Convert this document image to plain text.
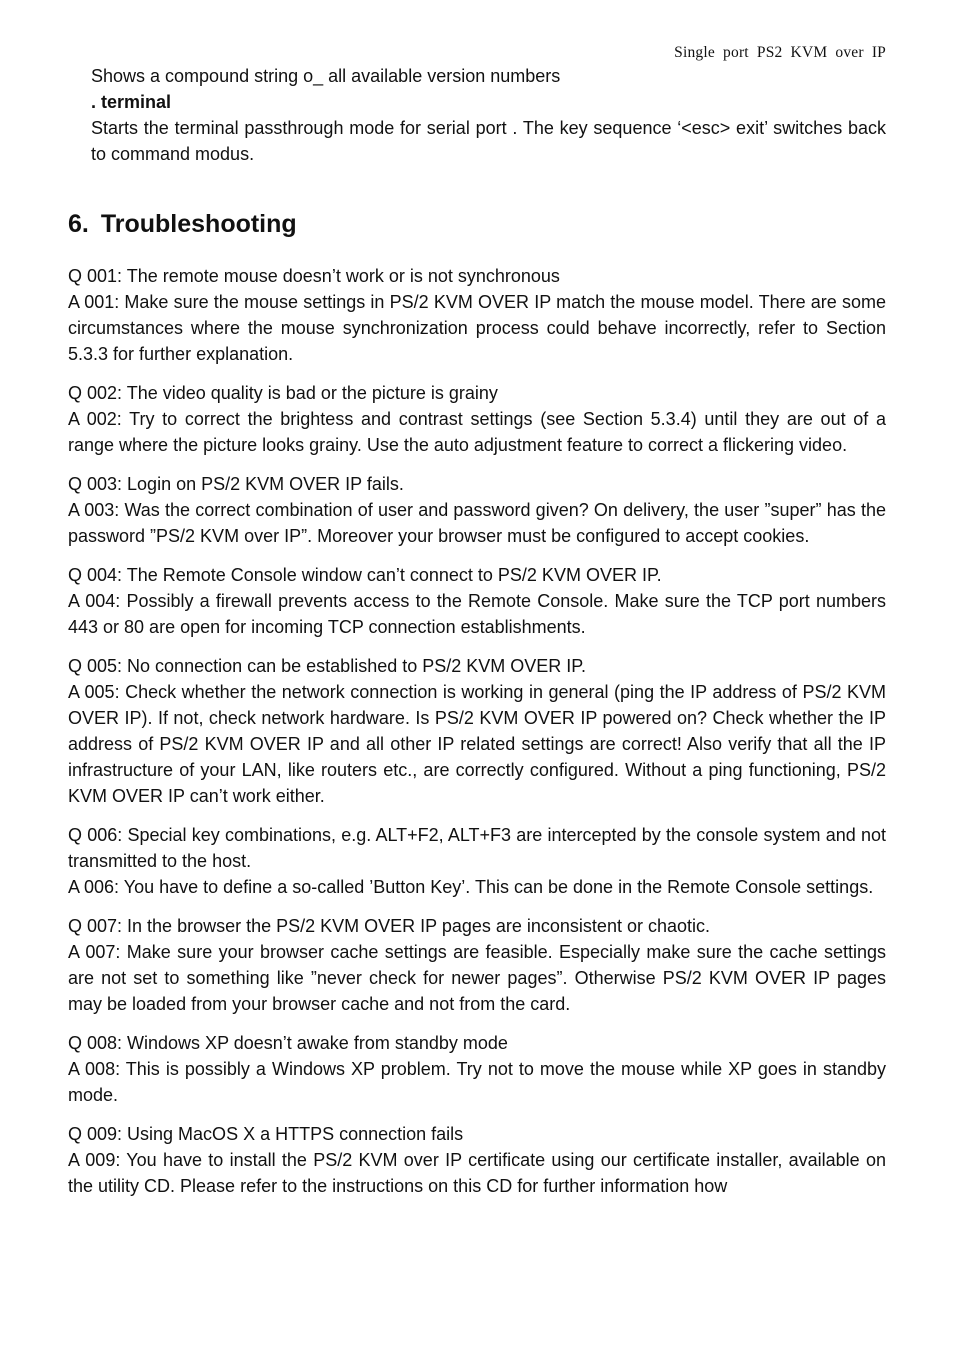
Single port PS2 KVM over IP

Shows a compound string o_ all available version numbers

. terminal

Starts the terminal passthrough mode for serial port . The key sequence ‘<esc> exit’ switches back to command modus.

6. Troubleshooting

Q 001: The remote mouse doesn’t work or is not synchronous

A 001: Make sure the mouse settings in PS/2 KVM OVER IP match the mouse model. There are some circumstances where the mouse synchronization process could behave incorrectly, refer to Section 5.3.3 for further explanation.

Q 002: The video quality is bad or the picture is grainy

A 002: Try to correct the brightess and contrast settings (see Section 5.3.4) until they are out of a range where the picture looks grainy. Use the auto adjustment feature to correct a flickering video.

Q 003: Login on PS/2 KVM OVER IP fails.

A 003: Was the correct combination of user and password given? On delivery, the user ”super” has the password ”PS/2 KVM over IP”. Moreover your browser must be configured to accept cookies.

Q 004: The Remote Console window can’t connect to PS/2 KVM OVER IP.

A 004: Possibly a firewall prevents access to the Remote Console. Make sure the TCP port numbers 443 or 80 are open for incoming TCP connection establishments.

Q 005: No connection can be established to PS/2 KVM OVER IP.

A 005: Check whether the network connection is working in general (ping the IP address of PS/2 KVM OVER IP). If not, check network hardware. Is PS/2 KVM OVER IP powered on? Check whether the IP address of PS/2 KVM OVER IP and all other IP related settings are correct! Also verify that all the IP infrastructure of your LAN, like routers etc., are correctly configured. Without a ping functioning, PS/2 KVM OVER IP can’t work either.

Q 006: Special key combinations, e.g. ALT+F2, ALT+F3 are intercepted by the console system and not transmitted to the host.

A 006: You have to define a so-called ’Button Key’. This can be done in the Remote Console settings.

Q 007: In the browser the PS/2 KVM OVER IP pages are inconsistent or chaotic.

A 007: Make sure your browser cache settings are feasible. Especially make sure the cache settings are not set to something like ”never check for newer pages”. Otherwise PS/2 KVM OVER IP pages may be loaded from your browser cache and not from the card.

Q 008: Windows XP doesn’t awake from standby mode

A 008: This is possibly a Windows XP problem. Try not to move the mouse while XP goes in standby mode.

Q 009: Using MacOS X a HTTPS connection fails

A 009: You have to install the PS/2 KVM over IP certificate using our certificate installer, available on the utility CD. Please refer to the instructions on this CD for further information how
